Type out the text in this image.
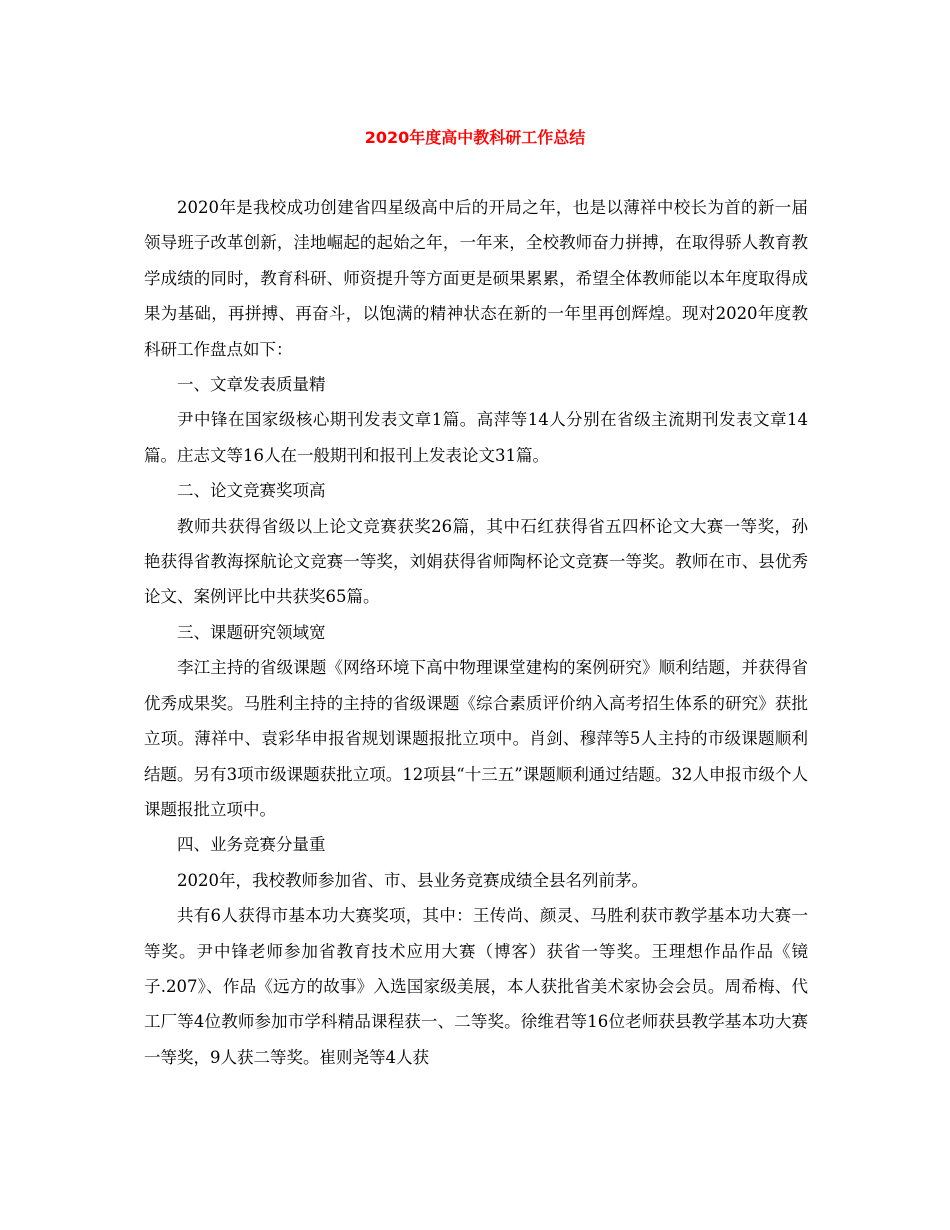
2020年度高中教科研工作总结

2020年是我校成功创建省四星级高中后的开局之年，也是以薄祥中校长为首的新一届领导班子改革创新，洼地崛起的起始之年，一年来，全校教师奋力拼搏，在取得骄人教育教学成绩的同时，教育科研、师资提升等方面更是硕果累累，希望全体教师能以本年度取得成果为基础，再拼搏、再奋斗，以饱满的精神状态在新的一年里再创辉煌。现对2020年度教科研工作盘点如下：

一、文章发表质量精

尹中锋在国家级核心期刊发表文章1篇。高萍等14人分别在省级主流期刊发表文章14篇。庄志文等16人在一般期刊和报刊上发表论文31篇。

二、论文竞赛奖项高

教师共获得省级以上论文竞赛获奖26篇，其中石红获得省五四杯论文大赛一等奖，孙艳获得省教海探航论文竞赛一等奖，刘娟获得省师陶杯论文竞赛一等奖。教师在市、县优秀论文、案例评比中共获奖65篇。

三、课题研究领域宽

李江主持的省级课题《网络环境下高中物理课堂建构的案例研究》顺利结题，并获得省优秀成果奖。马胜利主持的主持的省级课题《综合素质评价纳入高考招生体系的研究》获批立项。薄祥中、袁彩华申报省规划课题报批立项中。肖剑、穆萍等5人主持的市级课题顺利结题。另有3项市级课题获批立项。12项县“十三五”课题顺利通过结题。32人申报市级个人课题报批立项中。

四、业务竞赛分量重

2020年，我校教师参加省、市、县业务竞赛成绩全县名列前茅。

共有6人获得市基本功大赛奖项，其中：王传尚、颜灵、马胜利获市教学基本功大赛一等奖。尹中锋老师参加省教育技术应用大赛（博客）获省一等奖。王理想作品作品《镜子.207》、作品《远方的故事》入选国家级美展，本人获批省美术家协会会员。周希梅、代工厂等4位教师参加市学科精品课程获一、二等奖。徐维君等16位老师获县教学基本功大赛一等奖，9人获二等奖。崔则尧等4人获
